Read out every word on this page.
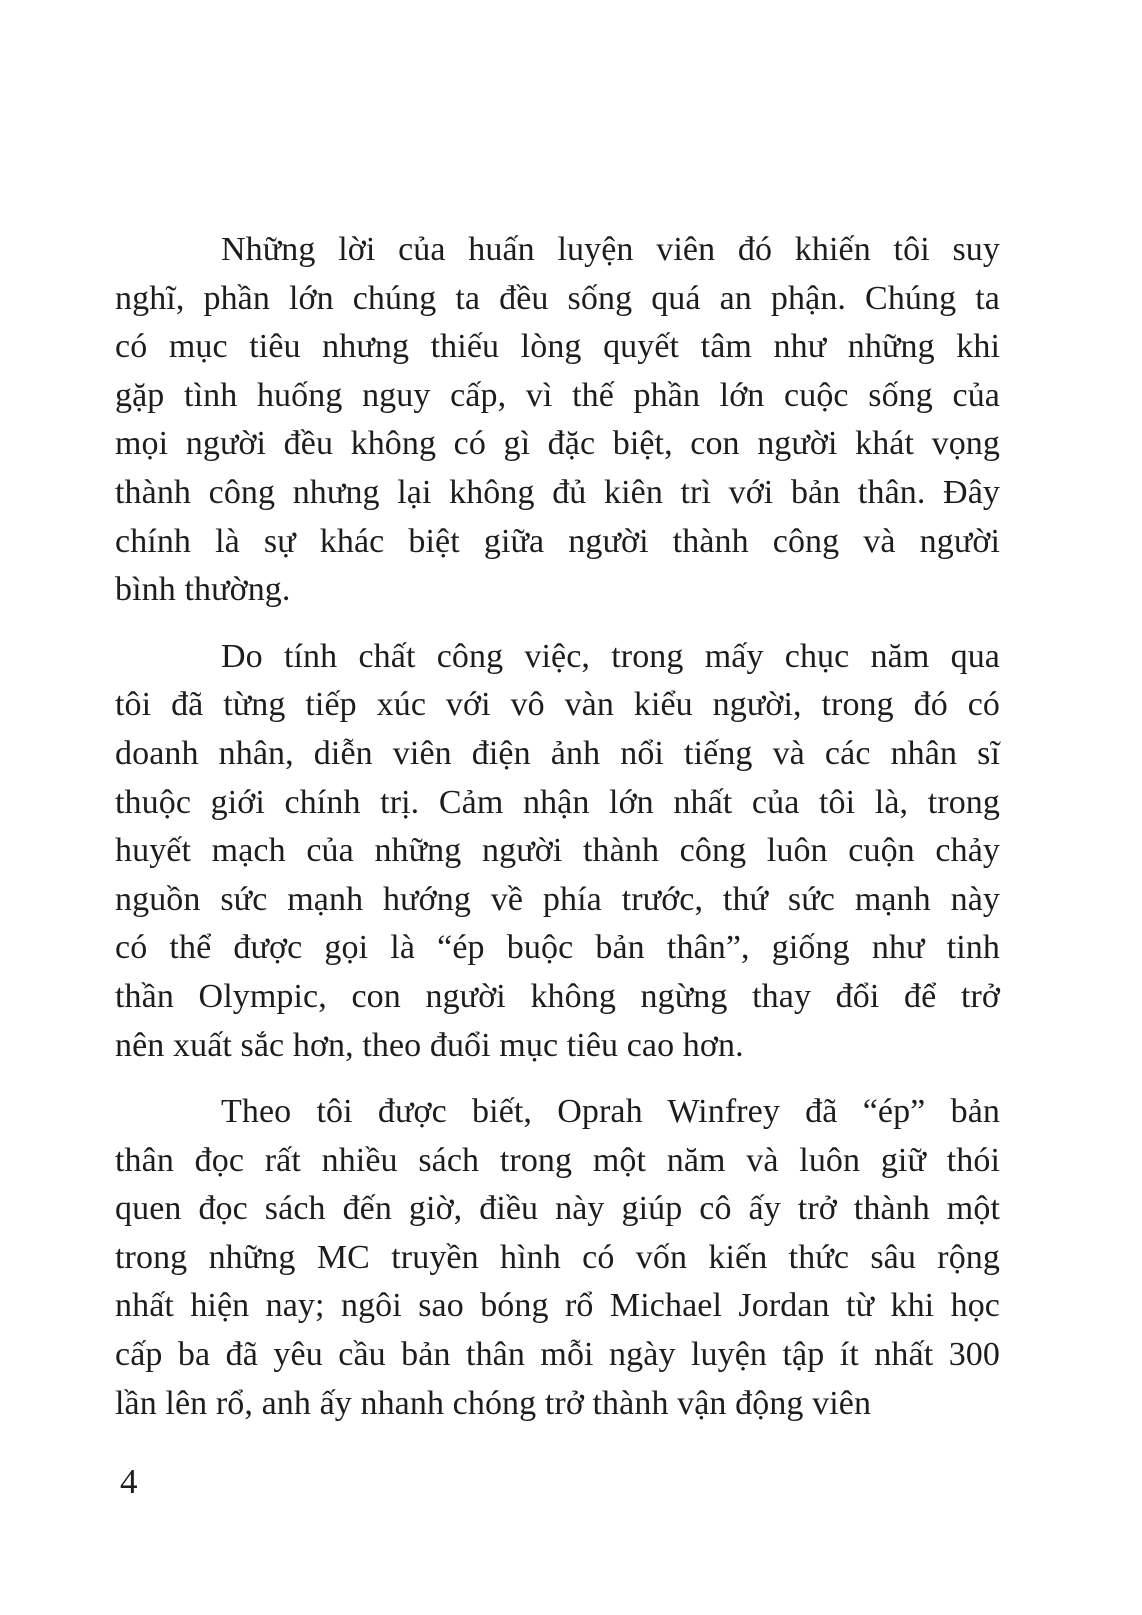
Những lời của huấn luyện viên đó khiến tôi suy
nghĩ, phần lớn chúng ta đều sống quá an phận. Chúng ta
có mục tiêu nhưng thiếu lòng quyết tâm như những khi
gặp tình huống nguy cấp, vì thế phần lớn cuộc sống của
mọi người đều không có gì đặc biệt, con người khát vọng
thành công nhưng lại không đủ kiên trì với bản thân. Đây
chính là sự khác biệt giữa người thành công và người
bình thường.

Do tính chất công việc, trong mấy chục năm qua
tôi đã từng tiếp xúc với vô vàn kiểu người, trong đó có
doanh nhân, diễn viên điện ảnh nổi tiếng và các nhân sĩ
thuộc giới chính trị. Cảm nhận lớn nhất của tôi là, trong
huyết mạch của những người thành công luôn cuộn chảy
nguồn sức mạnh hướng về phía trước, thứ sức mạnh này
có thể được gọi là “ép buộc bản thân”, giống như tinh
thần Olympic, con người không ngừng thay đổi để trở
nên xuất sắc hơn, theo đuổi mục tiêu cao hơn.

Theo tôi được biết, Oprah Winfrey đã “ép” bản
thân đọc rất nhiều sách trong một năm và luôn giữ thói
quen đọc sách đến giờ, điều này giúp cô ấy trở thành một
trong những MC truyền hình có vốn kiến thức sâu rộng
nhất hiện nay; ngôi sao bóng rổ Michael Jordan từ khi học
cấp ba đã yêu cầu bản thân mỗi ngày luyện tập ít nhất 300
lần lên rổ, anh ấy nhanh chóng trở thành vận động viên

4
